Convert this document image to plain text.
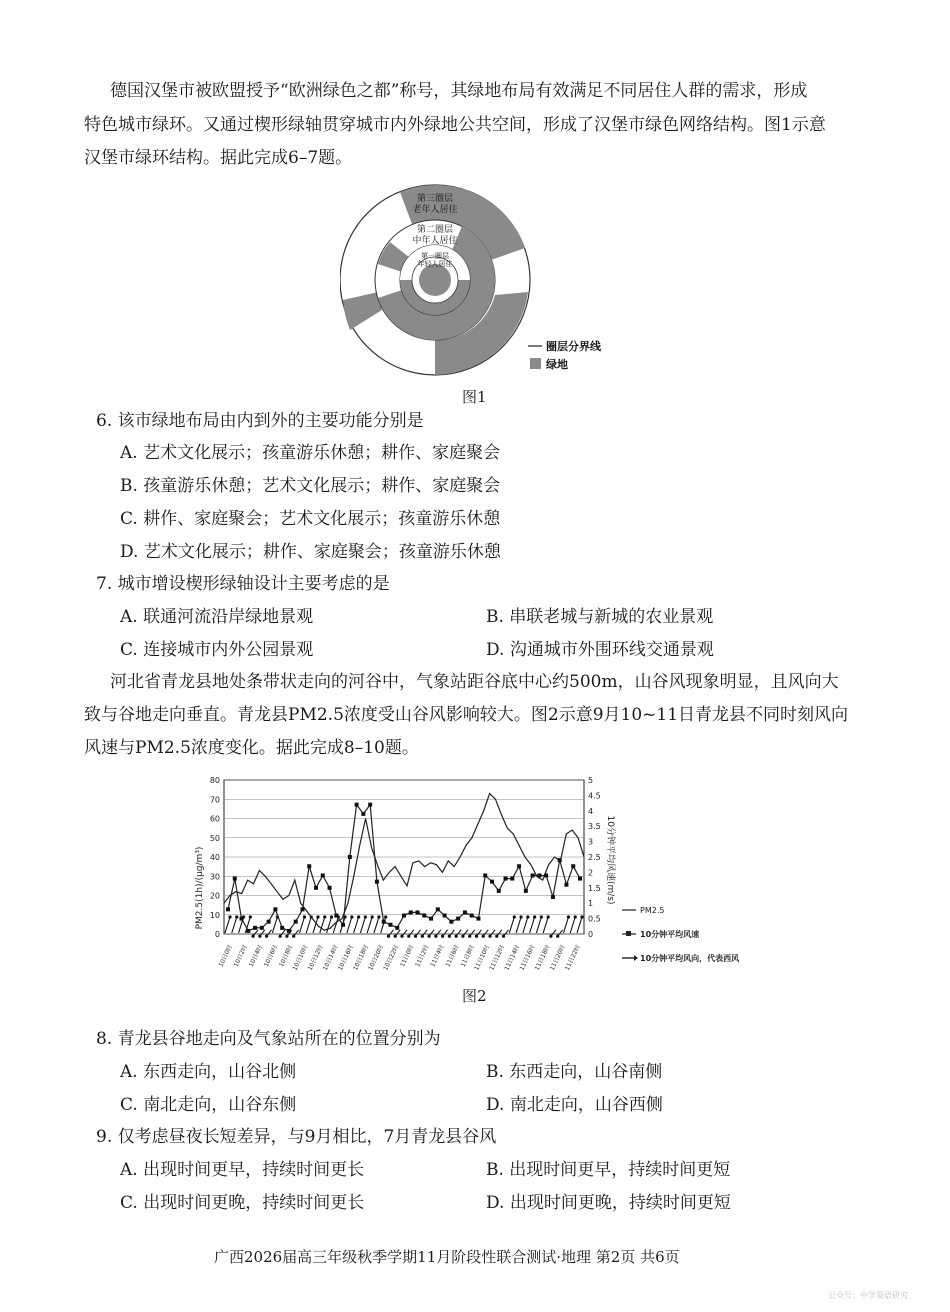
德国汉堡市被欧盟授予“欧洲绿色之都”称号，其绿地布局有效满足不同居住人群的需求，形成
特色城市绿环。又通过楔形绿轴贯穿城市内外绿地公共空间，形成了汉堡市绿色网络结构。图1示意
汉堡市绿环结构。据此完成6–7题。
第三圈层
老年人居住
第二圈层
中年人居住
第一圈层
年轻人居住
圈层分界线
绿地
图1
6. 该市绿地布局由内到外的主要功能分别是
A. 艺术文化展示；孩童游乐休憩；耕作、家庭聚会
B. 孩童游乐休憩；艺术文化展示；耕作、家庭聚会
C. 耕作、家庭聚会；艺术文化展示；孩童游乐休憩
D. 艺术文化展示；耕作、家庭聚会；孩童游乐休憩
7. 城市增设楔形绿轴设计主要考虑的是
A. 联通河流沿岸绿地景观	B. 串联老城与新城的农业景观
C. 连接城市内外公园景观	D. 沟通城市外围环线交通景观
河北省青龙县地处条带状走向的河谷中，气象站距谷底中心约500m，山谷风现象明显，且风向大
致与谷地走向垂直。青龙县PM2.5浓度受山谷风影响较大。图2示意9月10~11日青龙县不同时刻风向
风速与PM2.5浓度变化。据此完成8–10题。
0
10
20
30
40
50
60
70
80
0
0.5
1
1.5
2
2.5
3
3.5
4
4.5
5
10日0时
10日2时
10日4时
10日6时
10日8时
10日10时
10日12时
10日14时
10日16时
10日18时
10日20时
10日22时
11日0时
11日2时
11日4时
11日6时
11日8时
11日10时
11日12时
11日14时
11日16时
11日18时
11日20时
11日22时
PM2.5(1h)/(μg/m³)	10分钟平均风速(m/s)
PM2.5
10分钟平均风速
10分钟平均风向，代表西风
图2
8. 青龙县谷地走向及气象站所在的位置分别为
A. 东西走向，山谷北侧	B. 东西走向，山谷南侧
C. 南北走向，山谷东侧	D. 南北走向，山谷西侧
9. 仅考虑昼夜长短差异，与9月相比，7月青龙县谷风
A. 出现时间更早，持续时间更长	B. 出现时间更早，持续时间更短
C. 出现时间更晚，持续时间更长	D. 出现时间更晚，持续时间更短
广西2026届高三年级秋季学期11月阶段性联合测试·地理 第2页 共6页
公众号：中学英语研究
